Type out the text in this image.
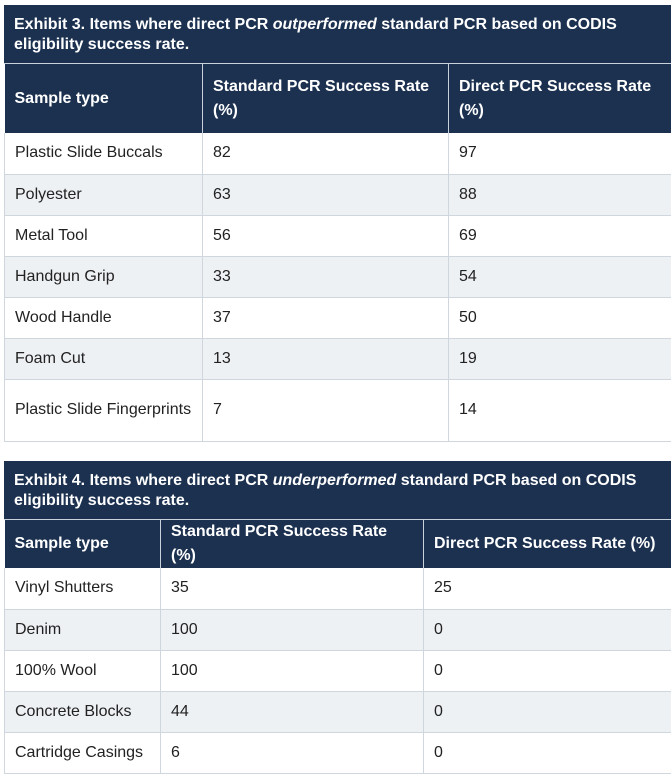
Exhibit 3. Items where direct PCR outperformed standard PCR based on CODIS eligibility success rate.
Sample type	Standard PCR Success Rate (%)	Direct PCR Success Rate (%)
Plastic Slide Buccals	82	97
Polyester	63	88
Metal Tool	56	69
Handgun Grip	33	54
Wood Handle	37	50
Foam Cut	13	19
Plastic Slide Fingerprints	7	14
Exhibit 4. Items where direct PCR underperformed standard PCR based on CODIS eligibility success rate.
Sample type	Standard PCR Success Rate (%)	Direct PCR Success Rate (%)
Vinyl Shutters	35	25
Denim	100	0
100% Wool	100	0
Concrete Blocks	44	0
Cartridge Casings	6	0
